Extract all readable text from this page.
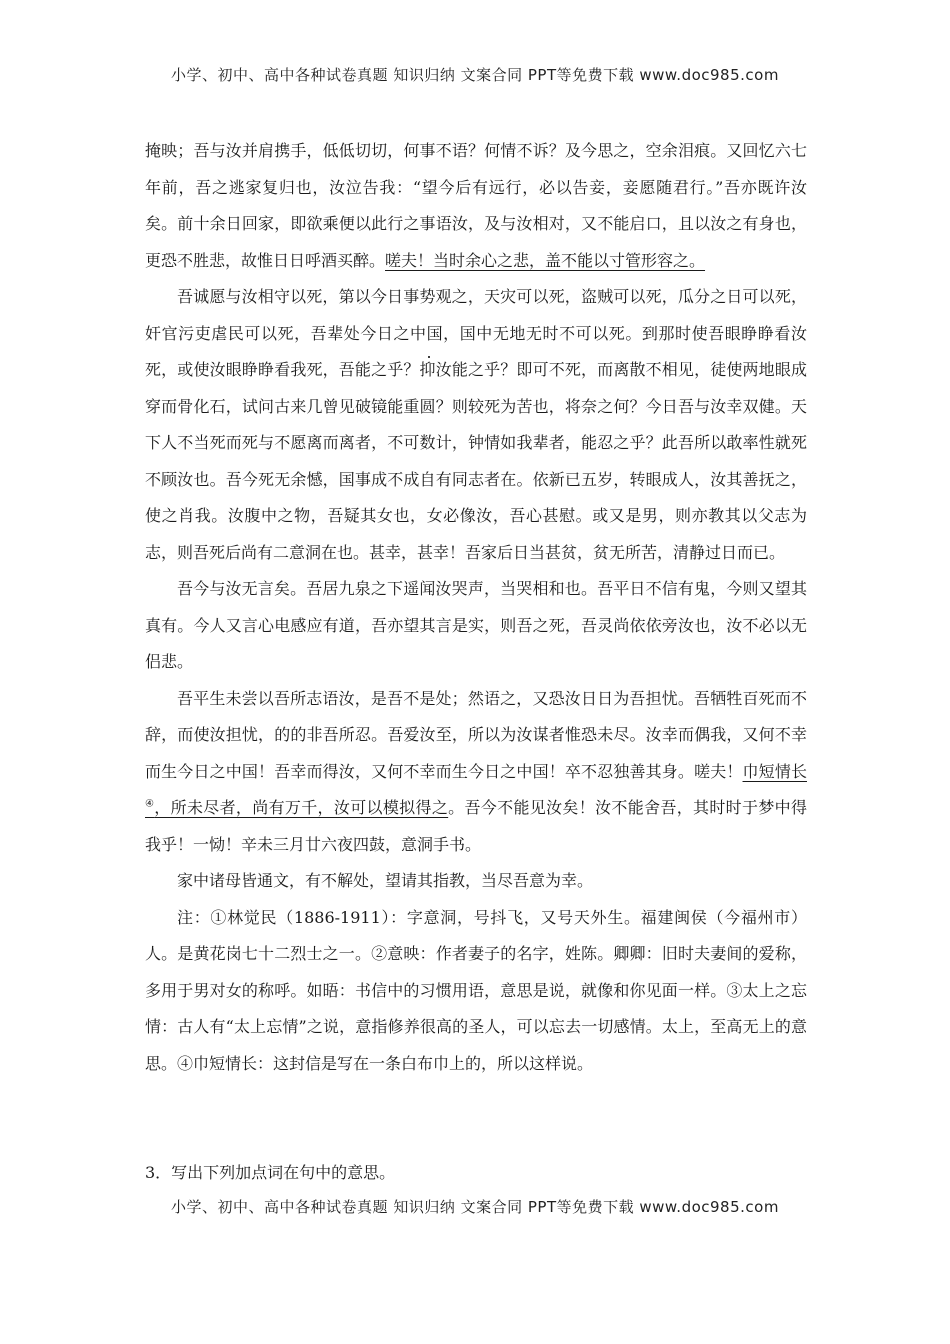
小学、初中、高中各种试卷真题 知识归纳 文案合同 PPT等免费下载 www.doc985.com

掩映；吾与汝并肩携手，低低切切，何事不语？何情不诉？及今思之，空余泪痕。又回忆六七年前，吾之逃家复归也，汝泣告我：“望今后有远行，必以告妾，妾愿随君行。”吾亦既许汝矣。前十余日回家，即欲乘便以此行之事语汝，及与汝相对，又不能启口，且以汝之有身也，更恐不胜悲，故惟日日呼酒买醉。嗟夫！当时余心之悲，盖不能以寸管形容之。

吾诚愿与汝相守以死，第以今日事势观之，天灾可以死，盗贼可以死，瓜分之日可以死，奸官污吏虐民可以死，吾辈处今日之中国，国中无地无时不可以死。到那时使吾眼睁睁看汝死，或使汝眼睁睁看我死，吾能之乎？抑汝能之乎？即可不死，而离散不相见，徒使两地眼成穿而骨化石，试问古来几曾见破镜能重圆？则较死为苦也，将奈之何？今日吾与汝幸双健。天下人不当死而死与不愿离而离者，不可数计，钟情如我辈者，能忍之乎？此吾所以敢率性就死不顾汝也。吾今死无余憾，国事成不成自有同志者在。依新已五岁，转眼成人，汝其善抚之，使之肖我。汝腹中之物，吾疑其女也，女必像汝，吾心甚慰。或又是男，则亦教其以父志为志，则吾死后尚有二意洞在也。甚幸，甚幸！吾家后日当甚贫，贫无所苦，清静过日而已。

吾今与汝无言矣。吾居九泉之下遥闻汝哭声，当哭相和也。吾平日不信有鬼，今则又望其真有。今人又言心电感应有道，吾亦望其言是实，则吾之死，吾灵尚依依旁汝也，汝不必以无侣悲。

吾平生未尝以吾所志语汝，是吾不是处；然语之，又恐汝日日为吾担忧。吾牺牲百死而不辞，而使汝担忧，的的非吾所忍。吾爱汝至，所以为汝谋者惟恐未尽。汝幸而偶我，又何不幸而生今日之中国！吾幸而得汝，又何不幸而生今日之中国！卒不忍独善其身。嗟夫！巾短情长④，所未尽者，尚有万千，汝可以模拟得之。吾今不能见汝矣！汝不能舍吾，其时时于梦中得我乎！一恸！辛未三月廿六夜四鼓，意洞手书。

家中诸母皆通文，有不解处，望请其指教，当尽吾意为幸。

注：①林觉民（1886-1911）：字意洞，号抖飞，又号天外生。福建闽侯（今福州市）人。是黄花岗七十二烈士之一。②意映：作者妻子的名字，姓陈。卿卿：旧时夫妻间的爱称，多用于男对女的称呼。如晤：书信中的习惯用语，意思是说，就像和你见面一样。③太上之忘情：古人有“太上忘情”之说，意指修养很高的圣人，可以忘去一切感情。太上，至高无上的意思。④巾短情长：这封信是写在一条白布巾上的，所以这样说。

3．写出下列加点词在句中的意思。
小学、初中、高中各种试卷真题 知识归纳 文案合同 PPT等免费下载 www.doc985.com
